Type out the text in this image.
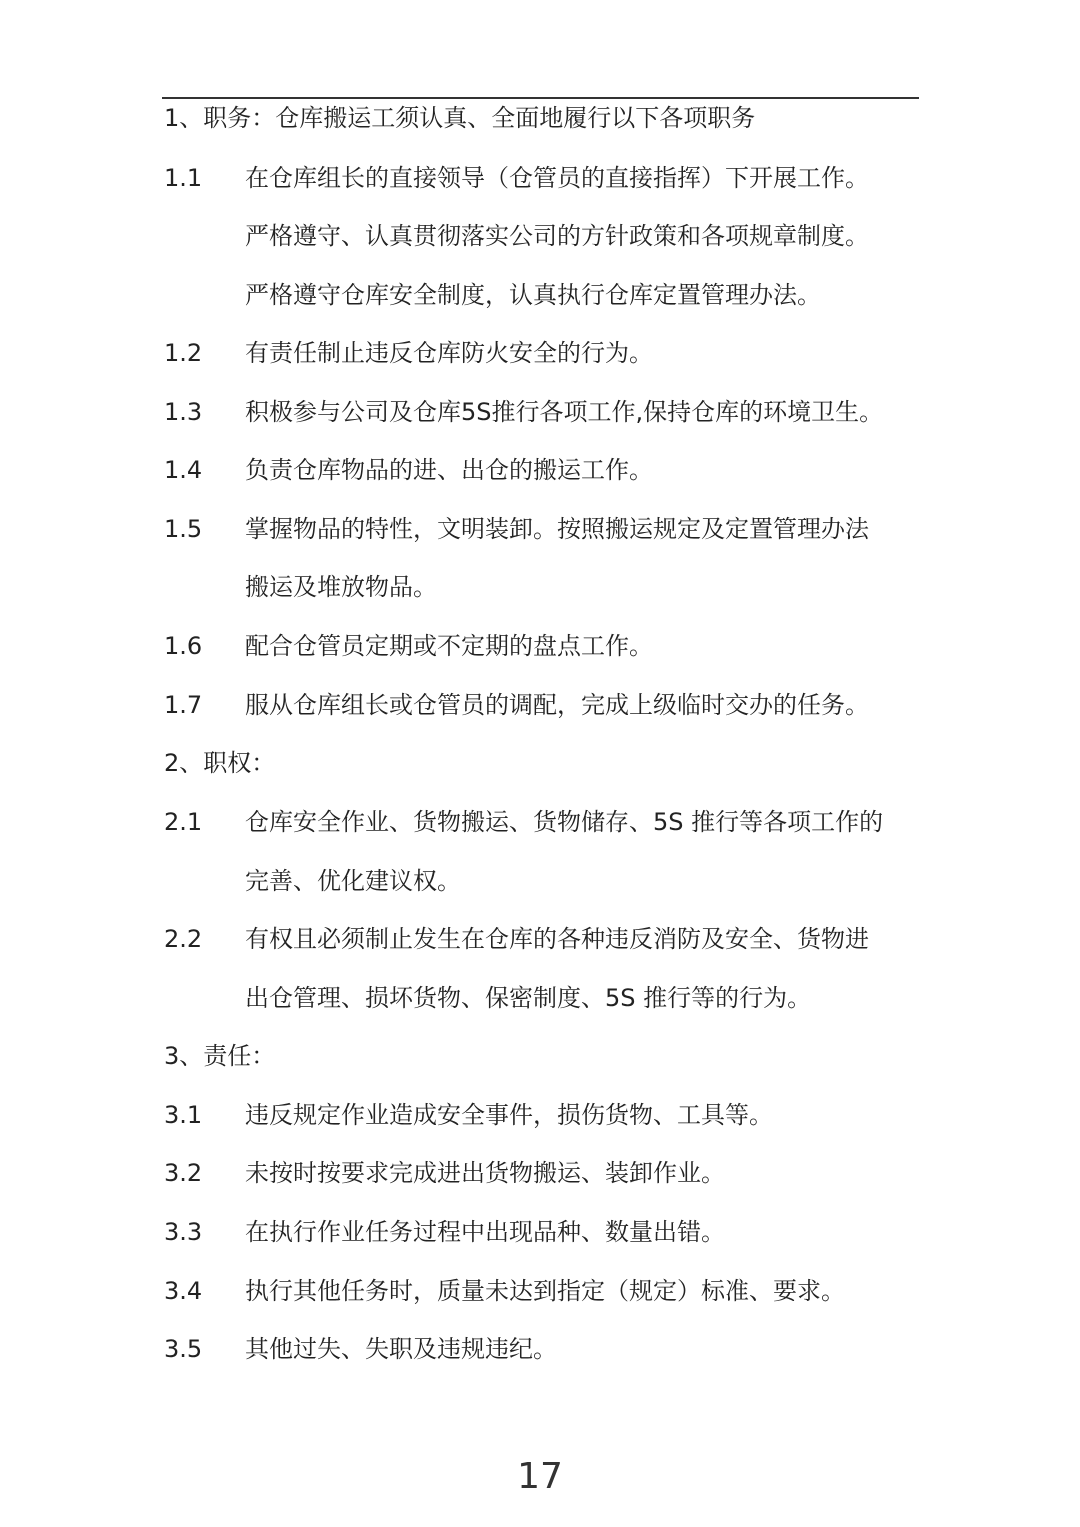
1、职务：仓库搬运工须认真、全面地履行以下各项职务
1.1 在仓库组长的直接领导（仓管员的直接指挥）下开展工作。
严格遵守、认真贯彻落实公司的方针政策和各项规章制度。
严格遵守仓库安全制度，认真执行仓库定置管理办法。
1.2 有责任制止违反仓库防火安全的行为。
1.3 积极参与公司及仓库5S推行各项工作,保持仓库的环境卫生。
1.4 负责仓库物品的进、出仓的搬运工作。
1.5 掌握物品的特性，文明装卸。按照搬运规定及定置管理办法
搬运及堆放物品。
1.6 配合仓管员定期或不定期的盘点工作。
1.7 服从仓库组长或仓管员的调配，完成上级临时交办的任务。
2、职权：
2.1 仓库安全作业、货物搬运、货物储存、5S 推行等各项工作的
完善、优化建议权。
2.2 有权且必须制止发生在仓库的各种违反消防及安全、货物进
出仓管理、损坏货物、保密制度、5S 推行等的行为。
3、责任：
3.1 违反规定作业造成安全事件，损伤货物、工具等。
3.2 未按时按要求完成进出货物搬运、装卸作业。
3.3 在执行作业任务过程中出现品种、数量出错。
3.4 执行其他任务时，质量未达到指定（规定）标准、要求。
3.5 其他过失、失职及违规违纪。
17
